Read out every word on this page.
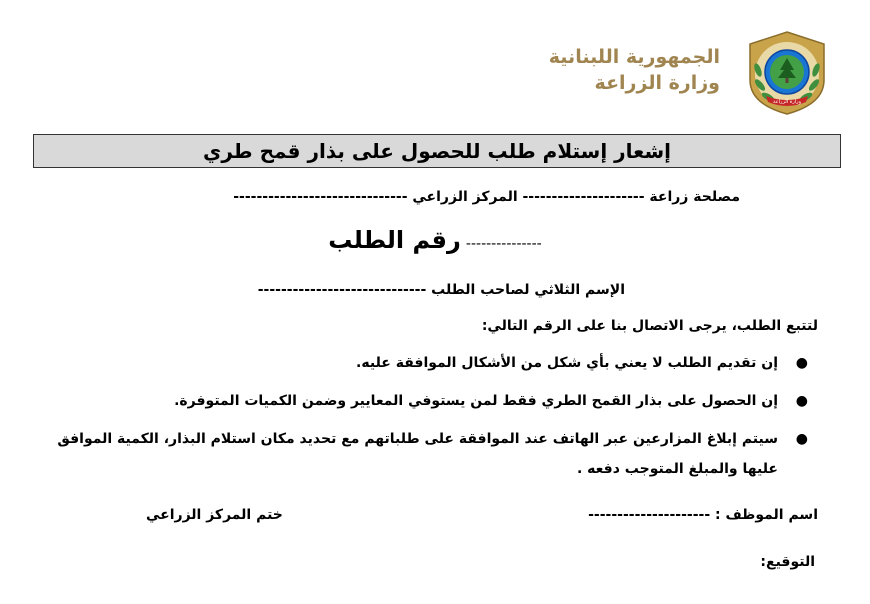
وزارة الزراعة
الجمهورية اللبنانية
وزارة الزراعة
إشعار إستلام طلب للحصول على بذار قمح طري
مصلحة زراعة --------------------- المركز الزراعي ------------------------------
رقم الطلب ---------------
الإسم الثلاثي لصاحب الطلب -----------------------------
لتتبع الطلب، يرجى الاتصال بنا على الرقم التالي:
●
إن تقديم الطلب لا يعني بأي شكل من الأشكال الموافقة عليه.
●
إن الحصول على بذار القمح الطري فقط لمن يستوفي المعايير وضمن الكميات المتوفرة.
●
سيتم إبلاغ المزارعين عبر الهاتف عند الموافقة على طلباتهم مع تحديد مكان استلام البذار، الكمية الموافق عليها والمبلغ المتوجب دفعه .
اسم الموظف : ---------------------
ختم المركز الزراعي
التوقيع:
